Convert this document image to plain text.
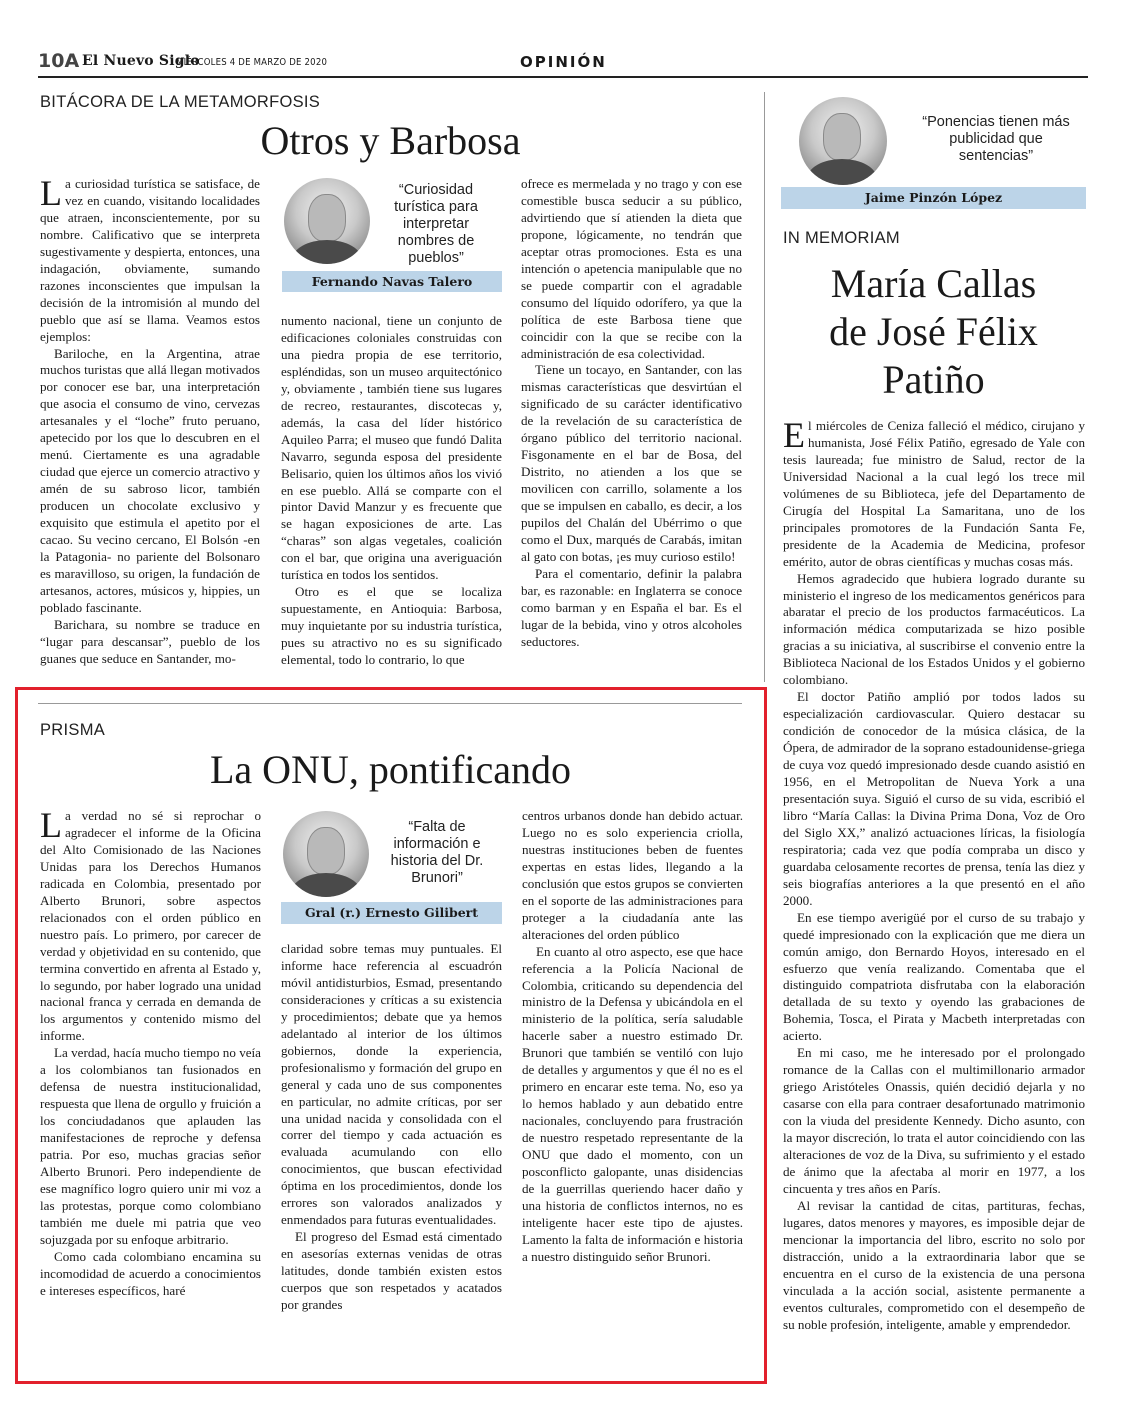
10A El Nuevo Siglo
MIÉRCOLES 4 DE MARZO DE 2020	OPINIÓN
BITÁCORA DE LA METAMORFOSIS
Otros y Barbosa

La curiosidad turística se satisface, de vez en cuando, visitando localidades que atraen, inconscientemente, por su nombre. Calificativo que se interpreta sugestivamente y despierta, entonces, una indagación, obviamente, sumando razones inconscientes que impulsan la decisión de la intromisión al mundo del pueblo que así se llama. Veamos estos ejemplos:

Bariloche, en la Argentina, atrae muchos turistas que allá llegan motivados por conocer ese bar, una interpretación que asocia el consumo de vino, cervezas artesanales y el “loche” fruto peruano, apetecido por los que lo descubren en el menú. Ciertamente es una agradable ciudad que ejerce un comercio atractivo y amén de su sabroso licor, también producen un chocolate exclusivo y exquisito que estimula el apetito por el cacao. Su vecino cercano, El Bolsón -en la Patagonia- no pariente del Bolsonaro es maravilloso, su origen, la fundación de artesanos, actores, músicos y, hippies, un poblado fascinante.

Barichara, su nombre se traduce en “lugar para descansar”, pueblo de los guanes que seduce en Santander, mo-

“Curiosidad turística para interpretar nombres de pueblos”
Fernando Navas Talero

numento nacional, tiene un conjunto de edificaciones coloniales construidas con una piedra propia de ese territorio, espléndidas, son un museo arquitectónico y, obviamente , también tiene sus lugares de recreo, restaurantes, discotecas y, además, la casa del líder histórico Aquileo Parra; el museo que fundó Dalita Navarro, segunda esposa del presidente Belisario, quien los últimos años los vivió en ese pueblo. Allá se comparte con el pintor David Manzur y es frecuente que se hagan exposiciones de arte. Las “charas” son algas vegetales, coalición con el bar, que origina una averiguación turística en todos los sentidos.

Otro es el que se localiza supuestamente, en Antioquia: Barbosa, muy inquietante por su industria turística, pues su atractivo no es su significado elemental, todo lo contrario, lo que

ofrece es mermelada y no trago y con ese comestible busca seducir a su público, advirtiendo que sí atienden la dieta que propone, lógicamente, no tendrán que aceptar otras promociones. Esta es una intención o apetencia manipulable que no se puede compartir con el agradable consumo del líquido odorífero, ya que la política de este Barbosa tiene que coincidir con la que se recibe con la administración de esa colectividad.

Tiene un tocayo, en Santander, con las mismas características que desvirtúan el significado de su carácter identificativo de la revelación de su característica de órgano público del territorio nacional. Fisgonamente en el bar de Bosa, del Distrito, no atienden a los que se movilicen con carrillo, solamente a los que se impulsen en caballo, es decir, a los pupilos del Chalán del Ubérrimo o que como el Dux, marqués de Carabás, imitan al gato con botas, ¡es muy curioso estilo!

Para el comentario, definir la palabra bar, es razonable: en Inglaterra se conoce como barman y en España el bar. Es el lugar de la bebida, vino y otros alcoholes seductores.

PRISMA
La ONU, pontificando

La verdad no sé si reprochar o agradecer el informe de la Oficina del Alto Comisionado de las Naciones Unidas para los Derechos Humanos radicada en Colombia, presentado por Alberto Brunori, sobre aspectos relacionados con el orden público en nuestro país. Lo primero, por carecer de verdad y objetividad en su contenido, que termina convertido en afrenta al Estado y, lo segundo, por haber logrado una unidad nacional franca y cerrada en demanda de los argumentos y contenido mismo del informe.

La verdad, hacía mucho tiempo no veía a los colombianos tan fusionados en defensa de nuestra institucionalidad, respuesta que llena de orgullo y fruición a los conciudadanos que aplauden las manifestaciones de reproche y defensa patria. Por eso, muchas gracias señor Alberto Brunori. Pero independiente de ese magnífico logro quiero unir mi voz a las protestas, porque como colombiano también me duele mi patria que veo sojuzgada por su enfoque arbitrario.

Como cada colombiano encamina su incomodidad de acuerdo a conocimientos e intereses específicos, haré

“Falta de información e historia del Dr. Brunori”
Gral (r.) Ernesto Gilibert

claridad sobre temas muy puntuales. El informe hace referencia al escuadrón móvil antidisturbios, Esmad, presentando consideraciones y críticas a su existencia y procedimientos; debate que ya hemos adelantado al interior de los últimos gobiernos, donde la experiencia, profesionalismo y formación del grupo en general y cada uno de sus componentes en particular, no admite críticas, por ser una unidad nacida y consolidada con el correr del tiempo y cada actuación es evaluada acumulando con ello conocimientos, que buscan efectividad óptima en los procedimientos, donde los errores son valorados analizados y enmendados para futuras eventualidades.

El progreso del Esmad está cimentado en asesorías externas venidas de otras latitudes, donde también existen estos cuerpos que son respetados y acatados por grandes

centros urbanos donde han debido actuar. Luego no es solo experiencia criolla, nuestras instituciones beben de fuentes expertas en estas lides, llegando a la conclusión que estos grupos se convierten en el soporte de las administraciones para proteger a la ciudadanía ante las alteraciones del orden público

En cuanto al otro aspecto, ese que hace referencia a la Policía Nacional de Colombia, criticando su dependencia del ministro de la Defensa y ubicándola en el ministerio de la política, sería saludable hacerle saber a nuestro estimado Dr. Brunori que también se ventiló con lujo de detalles y argumentos y que él no es el primero en encarar este tema. No, eso ya lo hemos hablado y aun debatido entre nacionales, concluyendo para frustración de nuestro respetado representante de la ONU que dado el momento, con un posconflicto galopante, unas disidencias de la guerrillas queriendo hacer daño y una historia de conflictos internos, no es inteligente hacer este tipo de ajustes. Lamento la falta de información e historia a nuestro distinguido señor Brunori.

“Ponencias tienen más publicidad que sentencias”
Jaime Pinzón López
IN MEMORIAM
María Callas
de José Félix
Patiño

El miércoles de Ceniza falleció el médico, cirujano y humanista, José Félix Patiño, egresado de Yale con tesis laureada; fue ministro de Salud, rector de la Universidad Nacional a la cual legó los trece mil volúmenes de su Biblioteca, jefe del Departamento de Cirugía del Hospital La Samaritana, uno de los principales promotores de la Fundación Santa Fe, presidente de la Academia de Medicina, profesor emérito, autor de obras científicas y muchas cosas más.

Hemos agradecido que hubiera logrado durante su ministerio el ingreso de los medicamentos genéricos para abaratar el precio de los productos farmacéuticos. La información médica computarizada se hizo posible gracias a su iniciativa, al suscribirse el convenio entre la Biblioteca Nacional de los Estados Unidos y el gobierno colombiano.

El doctor Patiño amplió por todos lados su especialización cardiovascular. Quiero destacar su condición de conocedor de la música clásica, de la Ópera, de admirador de la soprano estadounidense-griega de cuya voz quedó impresionado desde cuando asistió en 1956, en el Metropolitan de Nueva York a una presentación suya. Siguió el curso de su vida, escribió el libro “María Callas: la Divina Prima Dona, Voz de Oro del Siglo XX,” analizó actuaciones líricas, la fisiología respiratoria; cada vez que podía compraba un disco y guardaba celosamente recortes de prensa, tenía las diez y seis biografías anteriores a la que presentó en el año 2000.

En ese tiempo averigüé por el curso de su trabajo y quedé impresionado con la explicación que me diera un común amigo, don Bernardo Hoyos, interesado en el esfuerzo que venía realizando. Comentaba que el distinguido compatriota disfrutaba con la elaboración detallada de su texto y oyendo las grabaciones de Bohemia, Tosca, el Pirata y Macbeth interpretadas con acierto.

En mi caso, me he interesado por el prolongado romance de la Callas con el multimillonario armador griego Aristóteles Onassis, quién decidió dejarla y no casarse con ella para contraer desafortunado matrimonio con la viuda del presidente Kennedy. Dicho asunto, con la mayor discreción, lo trata el autor coincidiendo con las alteraciones de voz de la Diva, su sufrimiento y el estado de ánimo que la afectaba al morir en 1977, a los cincuenta y tres años en París.

Al revisar la cantidad de citas, partituras, fechas, lugares, datos menores y mayores, es imposible dejar de mencionar la importancia del libro, escrito no solo por distracción, unido a la extraordinaria labor que se encuentra en el curso de la existencia de una persona vinculada a la acción social, asistente permanente a eventos culturales, comprometido con el desempeño de su noble profesión, inteligente, amable y emprendedor.
